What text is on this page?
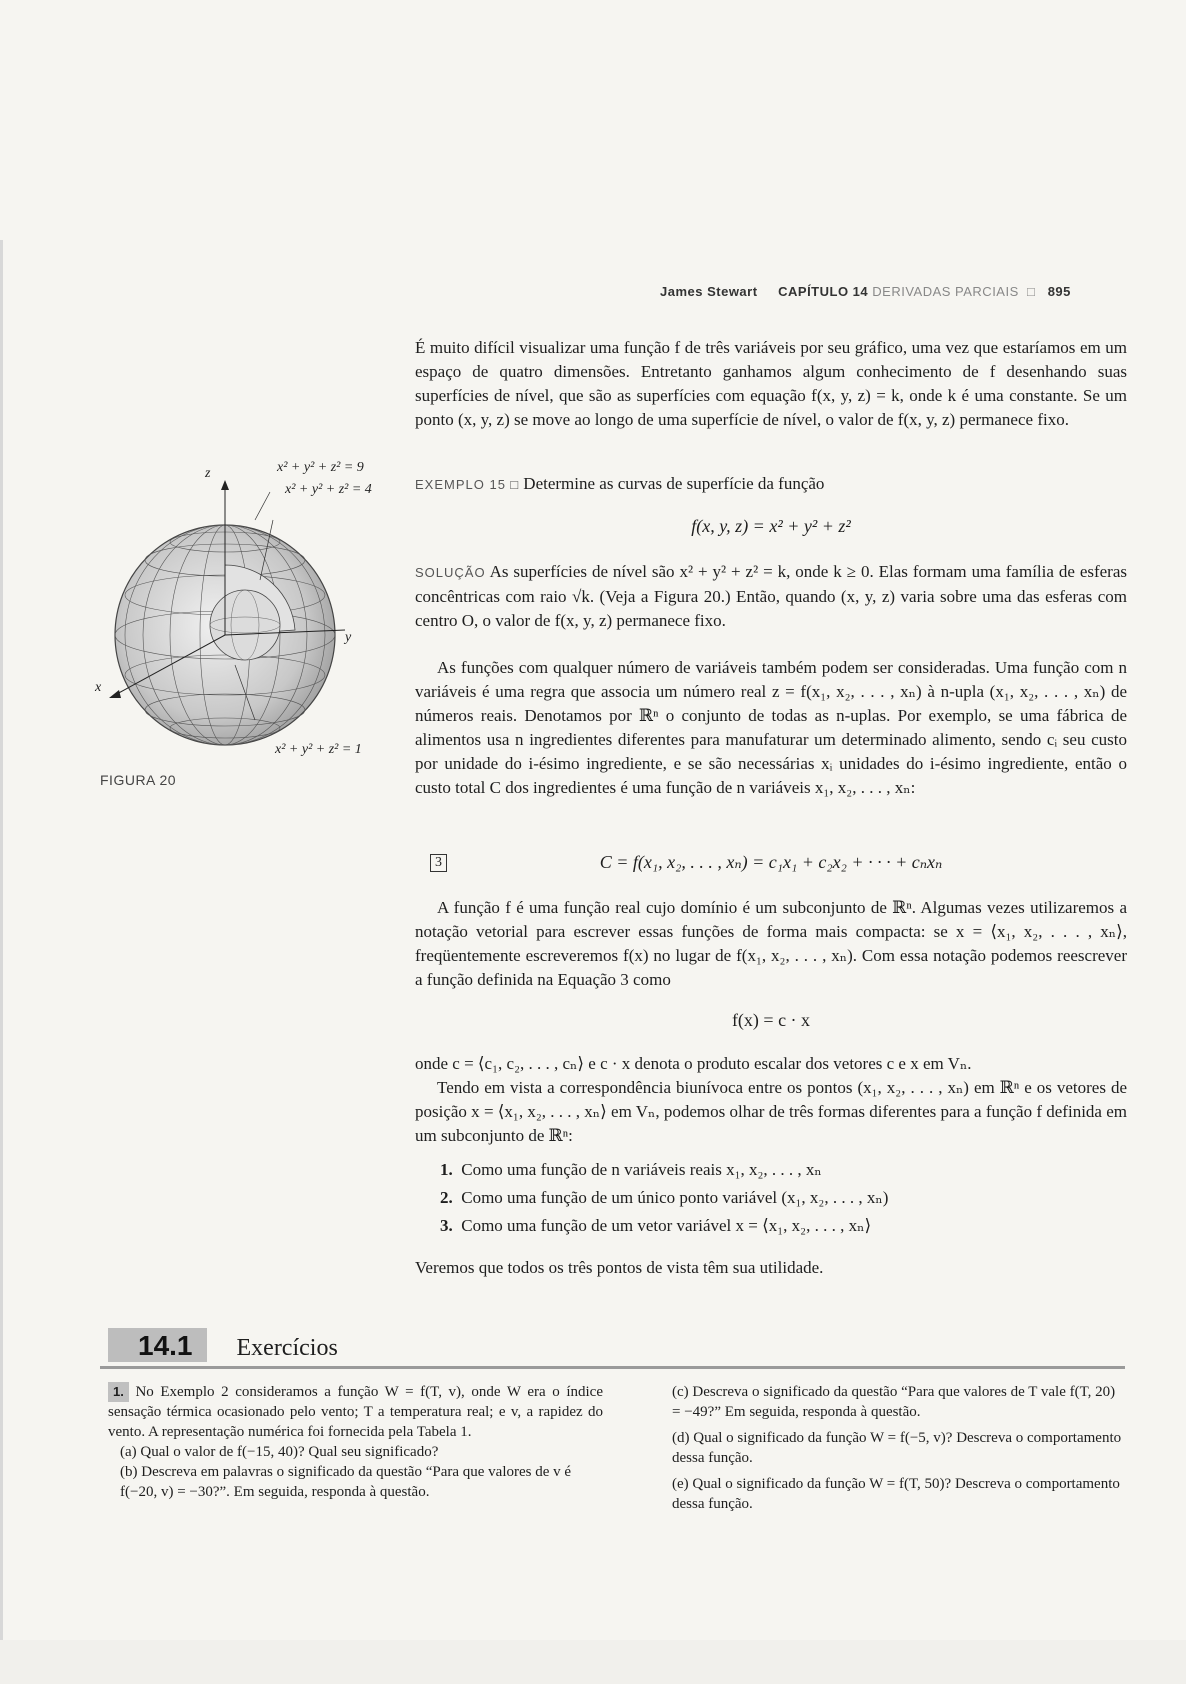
James Stewart CAPÍTULO 14 DERIVADAS PARCIAIS □ 895

É muito difícil visualizar uma função f de três variáveis por seu gráfico, uma vez que estaríamos em um espaço de quatro dimensões. Entretanto ganhamos algum conhecimento de f desenhando suas superfícies de nível, que são as superfícies com equação f(x, y, z) = k, onde k é uma constante. Se um ponto (x, y, z) se move ao longo de uma superfície de nível, o valor de f(x, y, z) permanece fixo.

EXEMPLO 15 □ Determine as curvas de superfície da função
f(x, y, z) = x² + y² + z²
SOLUÇÃO As superfícies de nível são x² + y² + z² = k, onde k ≥ 0. Elas formam uma família de esferas concêntricas com raio √k. (Veja a Figura 20.) Então, quando (x, y, z) varia sobre uma das esferas com centro O, o valor de f(x, y, z) permanece fixo.
x² + y² + z² = 9
x² + y² + z² = 4
x² + y² + z² = 1
z
y
x
FIGURA 20

As funções com qualquer número de variáveis também podem ser consideradas. Uma função com n variáveis é uma regra que associa um número real z = f(x₁, x₂, . . . , xₙ) à n-upla (x₁, x₂, . . . , xₙ) de números reais. Denotamos por ℝⁿ o conjunto de todas as n-uplas. Por exemplo, se uma fábrica de alimentos usa n ingredientes diferentes para manufaturar um determinado alimento, sendo cᵢ seu custo por unidade do i-ésimo ingrediente, e se são necessárias xᵢ unidades do i-ésimo ingrediente, então o custo total C dos ingredientes é uma função de n variáveis x₁, x₂, . . . , xₙ:

3	C = f(x₁, x₂, . . . , xₙ) = c₁x₁ + c₂x₂ + · · · + cₙxₙ

A função f é uma função real cujo domínio é um subconjunto de ℝⁿ. Algumas vezes utilizaremos a notação vetorial para escrever essas funções de forma mais compacta: se x = ⟨x₁, x₂, . . . , xₙ⟩, freqüentemente escreveremos f(x) no lugar de f(x₁, x₂, . . . , xₙ). Com essa notação podemos reescrever a função definida na Equação 3 como

f(x) = c · x

onde c = ⟨c₁, c₂, . . . , cₙ⟩ e c · x denota o produto escalar dos vetores c e x em Vₙ.

Tendo em vista a correspondência biunívoca entre os pontos (x₁, x₂, . . . , xₙ) em ℝⁿ e os vetores de posição x = ⟨x₁, x₂, . . . , xₙ⟩ em Vₙ, podemos olhar de três formas diferentes para a função f definida em um subconjunto de ℝⁿ:

1. Como uma função de n variáveis reais x₁, x₂, . . . , xₙ
2. Como uma função de um único ponto variável (x₁, x₂, . . . , xₙ)
3. Como uma função de um vetor variável x = ⟨x₁, x₂, . . . , xₙ⟩

Veremos que todos os três pontos de vista têm sua utilidade.

14.1 Exercícios
1. No Exemplo 2 consideramos a função W = f(T, v), onde W era o índice sensação térmica ocasionado pelo vento; T a temperatura real; e v, a rapidez do vento. A representação numérica foi fornecida pela Tabela 1.
(a) Qual o valor de f(−15, 40)? Qual seu significado?
(b) Descreva em palavras o significado da questão “Para que valores de v é f(−20, v) = −30?”. Em seguida, responda à questão.
(c) Descreva o significado da questão “Para que valores de T vale f(T, 20) = −49?” Em seguida, responda à questão.
(d) Qual o significado da função W = f(−5, v)? Descreva o comportamento dessa função.
(e) Qual o significado da função W = f(T, 50)? Descreva o comportamento dessa função.
